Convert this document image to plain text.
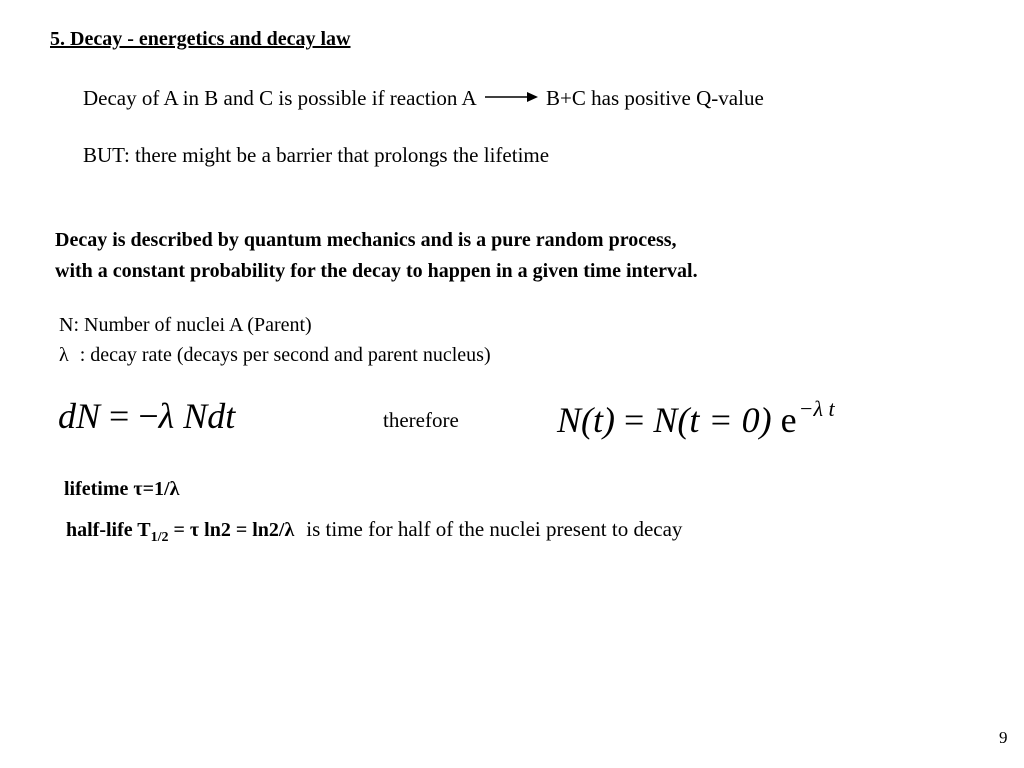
5. Decay - energetics and decay law
Decay of A in B and C is possible if reaction A	B+C has positive Q-value
BUT: there might be a barrier that prolongs the lifetime
Decay is described by quantum mechanics and is a pure random process,
with a constant probability for the decay to happen in a given time interval.
N: Number of nuclei A (Parent)
λ : decay rate (decays per second and parent nucleus)
dN = −λ Ndt	therefore	N(t) = N(t = 0) $e^{-\lambda t}$
lifetime τ=1/λ
half-life $T_{1/2} = \tau$ ln2 = ln2/λ is time for half of the nuclei present to decay
9
